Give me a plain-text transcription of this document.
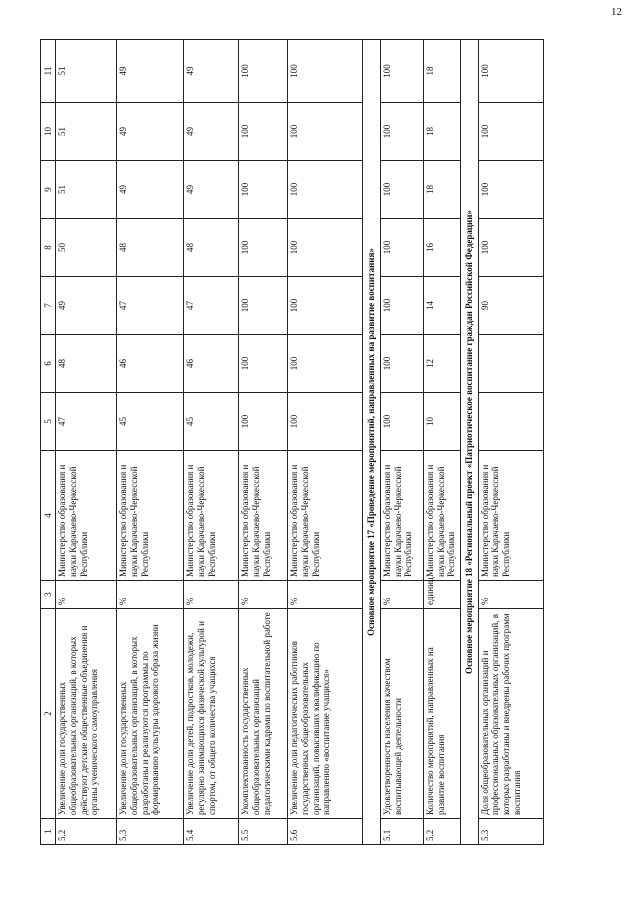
12
1	2	3	4	5	6	7	8	9	10	11
5.2	Увеличение доли государственных общеобразовательных организаций, в которых действуют детские общественные объединения и органы ученического самоуправления	%	Министерство образования и науки Карачаево-Черкесской Республики	47	48	49	50	51	51	51
5.3	Увеличение доли государственных общеобразовательных организаций, в которых разработаны и реализуются программы по формированию культуры здорового образа жизни	%	Министерство образования и науки Карачаево-Черкесской Республики	45	46	47	48	49	49	49
5.4	Увеличение доли детей, подростков, молодежи, регулярно занимающихся физической культурой и спортом, от общего количества учащихся	%	Министерство образования и науки Карачаево-Черкесской Республики	45	46	47	48	49	49	49
5.5	Укомплектованность государственных общеобразовательных организаций педагогическими кадрами по воспитательной работе	%	Министерство образования и науки Карачаево-Черкесской Республики	100	100	100	100	100	100	100
5.6	Увеличение доли педагогических работников государственных общеобразовательных организаций, повысивших квалификацию по направлению «воспитание учащихся»	%	Министерство образования и науки Карачаево-Черкесской Республики	100	100	100	100	100	100	100
Основное мероприятие 17 «Проведение мероприятий, направленных на развитие воспитания»										
5.1	Удовлетворенность населения качеством воспитывающей деятельности	%	Министерство образования и науки Карачаево-Черкесской Республики	100	100	100	100	100	100	100
5.2	Количество мероприятий, направленных на развитие воспитания	единиц	Министерство образования и науки Карачаево-Черкесской Республики	10	12	14	16	18	18	18
Основное мероприятие 18 «Региональный проект «Патриотическое воспитание граждан Российской Федерации»										
5.3	Доля общеобразовательных организаций и профессиональных образовательных организаций, в которых разработаны и внедрены рабочих программ воспитания	%	Министерство образования и науки Карачаево-Черкесской Республики			90	100	100	100	100
